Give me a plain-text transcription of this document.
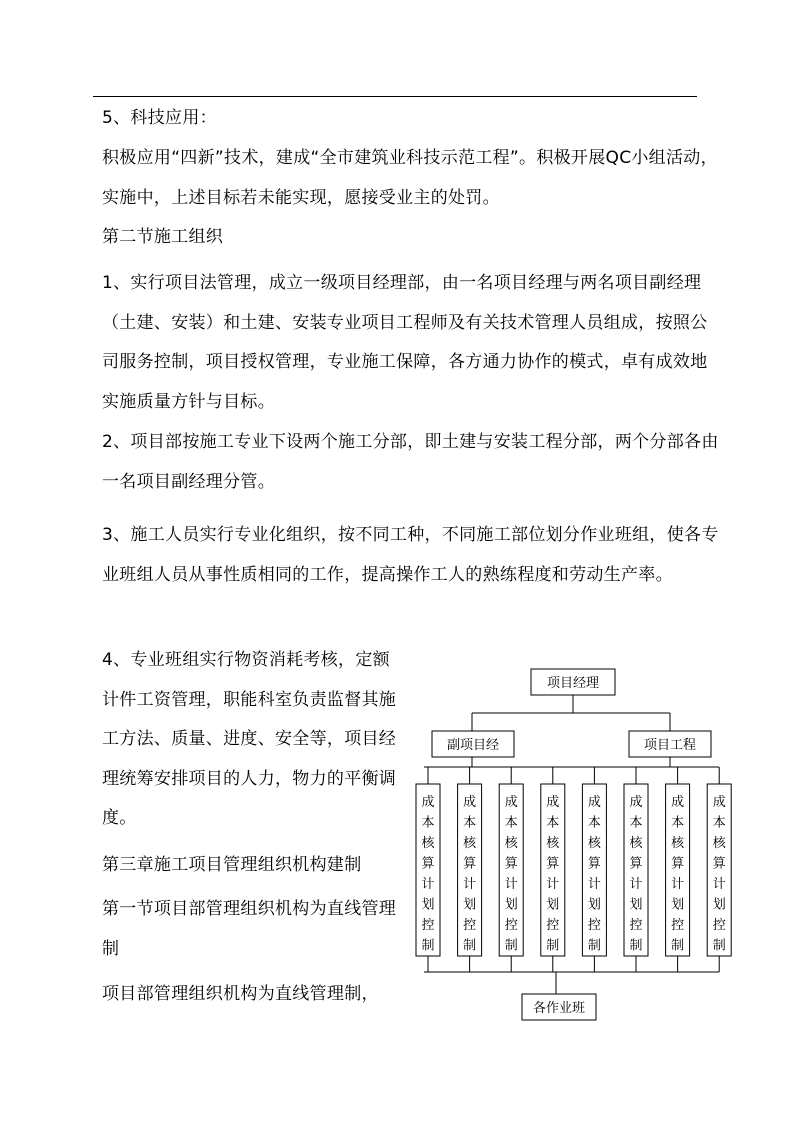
5、科技应用：

积极应用“四新”技术，建成“全市建筑业科技示范工程”。积极开展QC小组活动，实施中，上述目标若未能实现，愿接受业主的处罚。

第二节施工组织

1、实行项目法管理，成立一级项目经理部，由一名项目经理与两名项目副经理（土建、安装）和土建、安装专业项目工程师及有关技术管理人员组成，按照公司服务控制，项目授权管理，专业施工保障，各方通力协作的模式，卓有成效地实施质量方针与目标。

2、项目部按施工专业下设两个施工分部，即土建与安装工程分部，两个分部各由一名项目副经理分管。

3、施工人员实行专业化组织，按不同工种，不同施工部位划分作业班组，使各专业班组人员从事性质相同的工作，提高操作工人的熟练程度和劳动生产率。

4、专业班组实行物资消耗考核，定额计件工资管理，职能科室负责监督其施工方法、质量、进度、安全等，项目经理统筹安排项目的人力，物力的平衡调度。

第三章施工项目管理组织机构建制

第一节项目部管理组织机构为直线管理制

项目部管理组织机构为直线管理制，

项目经理
副项目经	项目工程
成
本
核
算
计
划
控
制
成
本
核
算
计
划
控
制
成
本
核
算
计
划
控
制
成
本
核
算
计
划
控
制
成
本
核
算
计
划
控
制
成
本
核
算
计
划
控
制
成
本
核
算
计
划
控
制
成
本
核
算
计
划
控
制
各作业班
